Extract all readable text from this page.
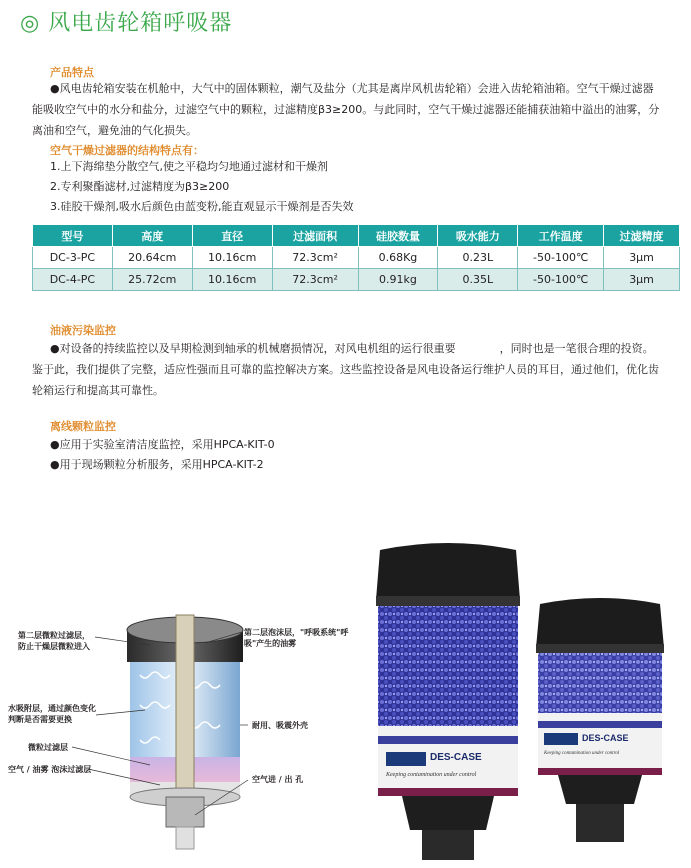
◎ 风电齿轮箱呼吸器
产品特点
●风电齿轮箱安装在机舱中，大气中的固体颗粒，潮气及盐分（尤其是离岸风机齿轮箱）会进入齿轮箱油箱。空气干燥过滤器能吸收空气中的水分和盐分，过滤空气中的颗粒，过滤精度β3≥200。与此同时，空气干燥过滤器还能捕获油箱中溢出的油雾，分离油和空气，避免油的气化损失。
空气干燥过滤器的结构特点有：
1.上下海绵垫分散空气,使之平稳均匀地通过滤材和干燥剂
2.专利聚酯滤材,过滤精度为β3≥200
3.硅胶干燥剂,吸水后颜色由蓝变粉,能直观显示干燥剂是否失效
型号	高度	直径	过滤面积	硅胶数量	吸水能力	工作温度	过滤精度
DC-3-PC	20.64cm	10.16cm	72.3cm²	0.68Kg	0.23L	-50-100℃	3μm
DC-4-PC	25.72cm	10.16cm	72.3cm²	0.91kg	0.35L	-50-100℃	3μm
油液污染监控
●对设备的持续监控以及早期检测到轴承的机械磨损情况，对风电机组的运行很重要　　　　，同时也是一笔很合理的投资。鉴于此，我们提供了完整，适应性强而且可靠的监控解决方案。这些监控设备是风电设备运行维护人员的耳目，通过他们，优化齿轮箱运行和提高其可靠性。
离线颗粒监控
●应用于实验室清洁度监控，采用HPCA-KIT-0
●用于现场颗粒分析服务，采用HPCA-KIT-2
第二层微粒过滤层，
防止干燥层微粒进入
第二层泡沫层，"呼吸系统"呼
吸"产生的油雾
水吸附层，通过颜色变化
判断是否需要更换
耐用、吸震外壳
微粒过滤层
空气 / 油雾 泡沫过滤层
空气进 / 出 孔
DES-CASE
Keeping contamination under control
DES-CASE
Keeping contamination under control
